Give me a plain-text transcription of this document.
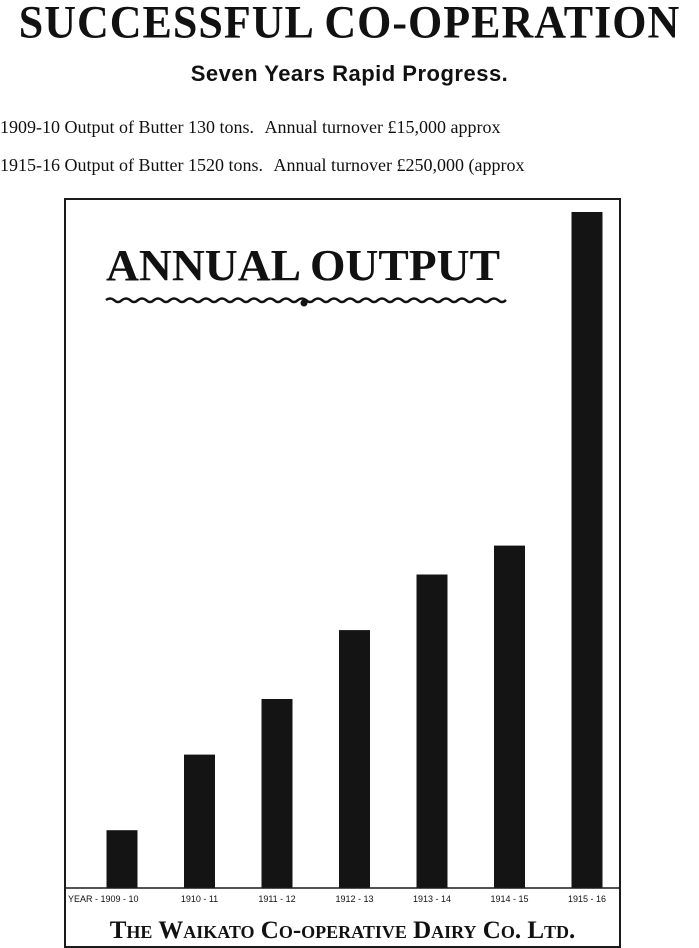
SUCCESSFUL CO-OPERATION
Seven Years Rapid Progress.
1909-10 Output of Butter 130 tons. Annual turnover £15,000 approx
1915-16 Output of Butter 1520 tons. Annual turnover £250,000 (approx
ANNUAL OUTPUT
YEAR - 1909 - 10	1910 - 11	1911 - 12	1912 - 13	1913 - 14	1914 - 15	1915 - 16
The Waikato Co-operative Dairy Co. Ltd.
